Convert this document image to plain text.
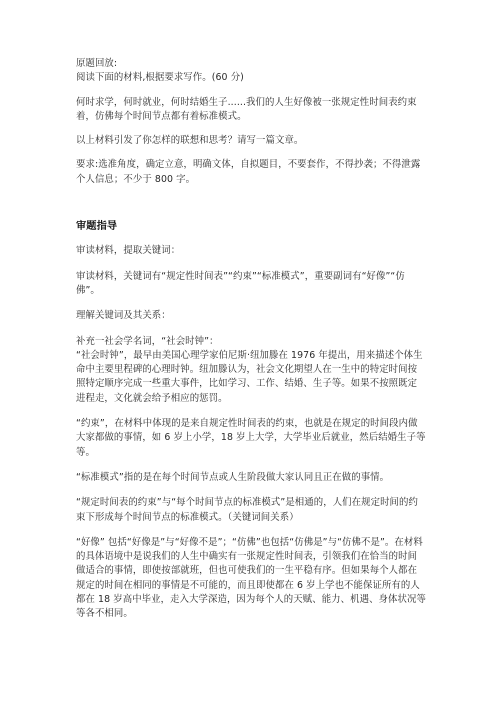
原题回放:

阅读下面的材料,根据要求写作。(60 分)

何时求学，何时就业，何时结婚生子......我们的人生好像被一张规定性时间表约束着，仿佛每个时间节点都有着标准模式。

以上材料引发了你怎样的联想和思考？请写一篇文章。

要求:选准角度，确定立意，明确文体，自拟题目，不要套作，不得抄袭；不得泄露个人信息；不少于 800 字。

审题指导

审读材料，提取关键词：

审读材料，关键词有“规定性时间表”“约束”“标准模式”，重要副词有“好像”“仿佛”。

理解关键词及其关系：

补充一社会学名词，“社会时钟”：

“社会时钟”，最早由美国心理学家伯尼斯·纽加滕在 1976 年提出，用来描述个体生命中主要里程碑的心理时钟。纽加滕认为，社会文化期望人在一生中的特定时间按照特定顺序完成一些重大事件，比如学习、工作、结婚、生子等。如果不按照既定进程走，文化就会给予相应的惩罚。

“约束”，在材料中体现的是来自规定性时间表的约束，也就是在规定的时间段内做大家都做的事情，如 6 岁上小学，18 岁上大学，大学毕业后就业，然后结婚生子等等。

“标准模式”指的是在每个时间节点或人生阶段做大家认同且正在做的事情。

“规定时间表的约束”与“每个时间节点的标准模式”是相通的，人们在规定时间的约束下形成每个时间节点的标准模式。（关键词间关系）

“好像” 包括“好像是”与“好像不是”；“仿佛”也包括“仿佛是”与“仿佛不是”。在材料的具体语境中是说我们的人生中确实有一张规定性时间表，引领我们在恰当的时间做适合的事情，即使按部就班，但也可使我们的一生平稳有序。但如果每个人都在规定的时间在相同的事情是不可能的，而且即使都在 6 岁上学也不能保证所有的人都在 18 岁高中毕业，走入大学深造，因为每个人的天赋、能力、机遇、身体状况等等各不相同。
